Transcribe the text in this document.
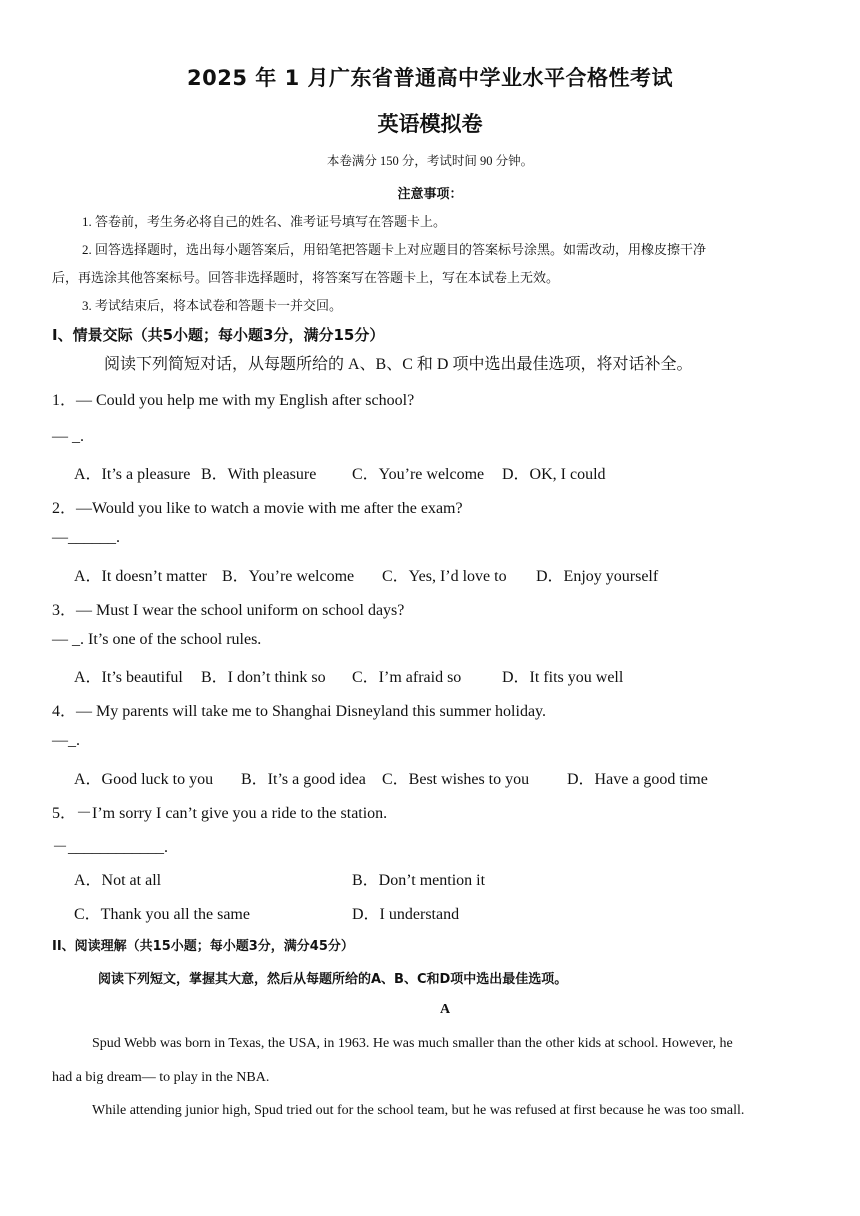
2025 年 1 月广东省普通高中学业水平合格性考试
英语模拟卷
本卷满分 150 分，考试时间 90 分钟。
注意事项：
1. 答卷前，考生务必将自己的姓名、准考证号填写在答题卡上。
2. 回答选择题时，选出每小题答案后，用铅笔把答题卡上对应题目的答案标号涂黑。如需改动，用橡皮擦干净
后，再选涂其他答案标号。回答非选择题时，将答案写在答题卡上，写在本试卷上无效。
3. 考试结束后，将本试卷和答题卡一并交回。
I、情景交际（共5小题；每小题3分，满分15分）
阅读下列简短对话，从每题所给的 A、B、C 和 D 项中选出最佳选项，将对话补全。
1．— Could you help me with my English after school?
— _.
A．It’s a pleasure B．With pleasure C．You’re welcome D．OK, I could
2．—Would you like to watch a movie with me after the exam?
—______.
A．It doesn’t matter B．You’re welcome C．Yes, I’d love to D．Enjoy yourself
3．— Must I wear the school uniform on school days?
— _. It’s one of the school rules.
A．It’s beautiful B．I don’t think so C．I’m afraid so	D．It fits you well
4．— My parents will take me to Shanghai Disneyland this summer holiday.
—_.
A．Good luck to you B．It’s a good idea C．Best wishes to you D．Have a good time
5．－I’m sorry I can’t give you a ride to the station.
－____________.
A．Not at all	B．Don’t mention it
C．Thank you all the same	D．I understand
II、阅读理解（共15小题；每小题3分，满分45分）
阅读下列短文，掌握其大意，然后从每题所给的A、B、C和D项中选出最佳选项。
A
Spud Webb was born in Texas, the USA, in 1963. He was much smaller than the other kids at school. However, he
had a big dream— to play in the NBA.
While attending junior high, Spud tried out for the school team, but he was refused at first because he was too small.
